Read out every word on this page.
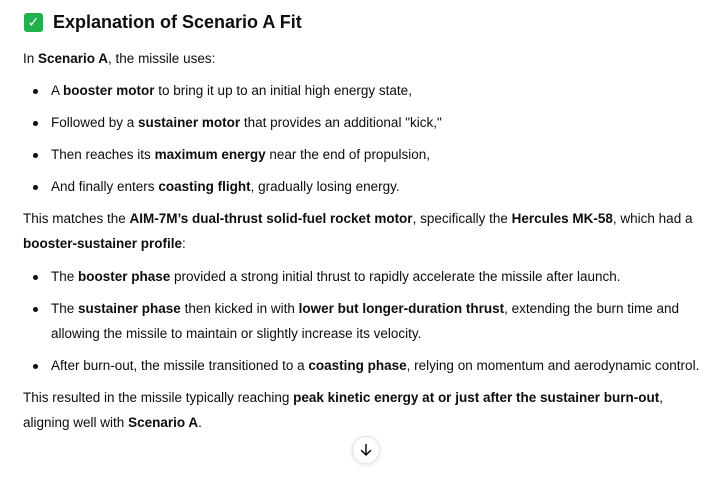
✓ Explanation of Scenario A Fit

In Scenario A, the missile uses:

A booster motor to bring it up to an initial high energy state,
Followed by a sustainer motor that provides an additional "kick,"
Then reaches its maximum energy near the end of propulsion,
And finally enters coasting flight, gradually losing energy.

This matches the AIM-7M’s dual-thrust solid-fuel rocket motor, specifically the Hercules MK-58, which had a booster-sustainer profile:

The booster phase provided a strong initial thrust to rapidly accelerate the missile after launch.
The sustainer phase then kicked in with lower but longer-duration thrust, extending the burn time and allowing the missile to maintain or slightly increase its velocity.
After burn-out, the missile transitioned to a coasting phase, relying on momentum and aerodynamic control.

This resulted in the missile typically reaching peak kinetic energy at or just after the sustainer burn-out, aligning well with Scenario A.
